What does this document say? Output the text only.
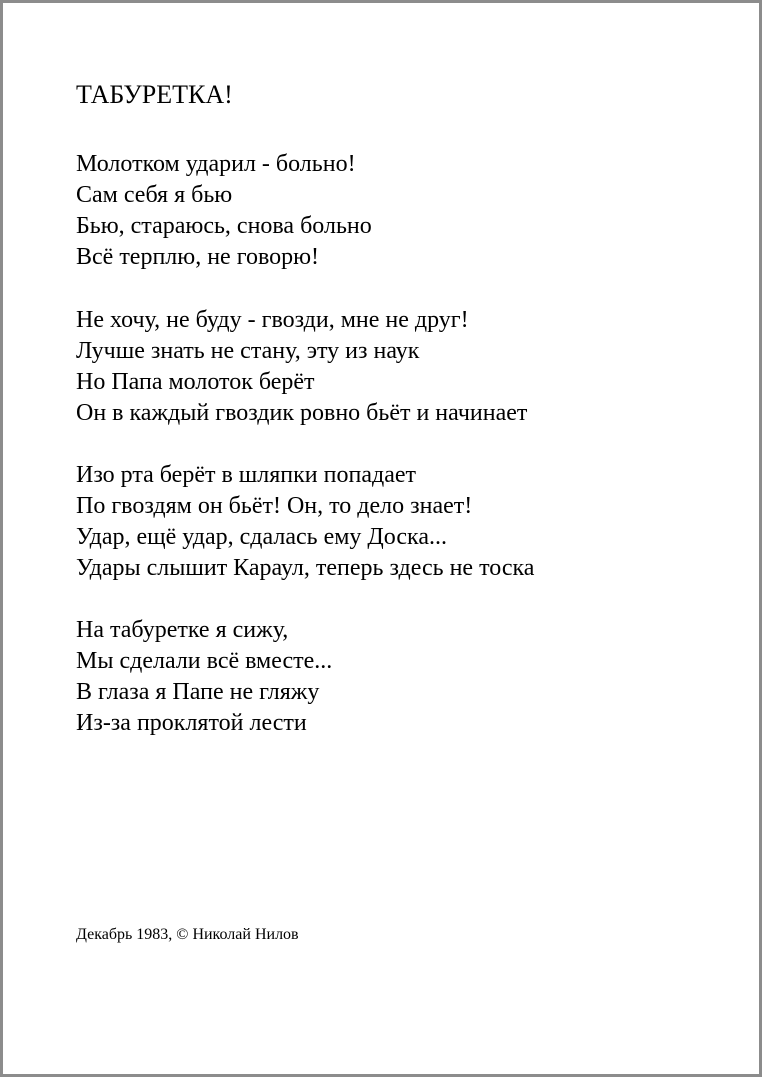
ТАБУРЕТКА!
Молотком ударил - больно!
Сам себя я бью
Бью, стараюсь, снова больно
Всё терплю, не говорю!
Не хочу, не буду - гвозди, мне не друг!
Лучше знать не стану, эту из наук
Но Папа молоток берёт
Он в каждый гвоздик ровно бьёт и начинает
Изо рта берёт в шляпки попадает
По гвоздям он бьёт! Он, то дело знает!
Удар, ещё удар, сдалась ему Доска...
Удары слышит Караул, теперь здесь не тоска
На табуретке я сижу,
Мы сделали всё вместе...
В глаза я Папе не гляжу
Из-за проклятой лести

Декабрь 1983, © Николай Нилов
